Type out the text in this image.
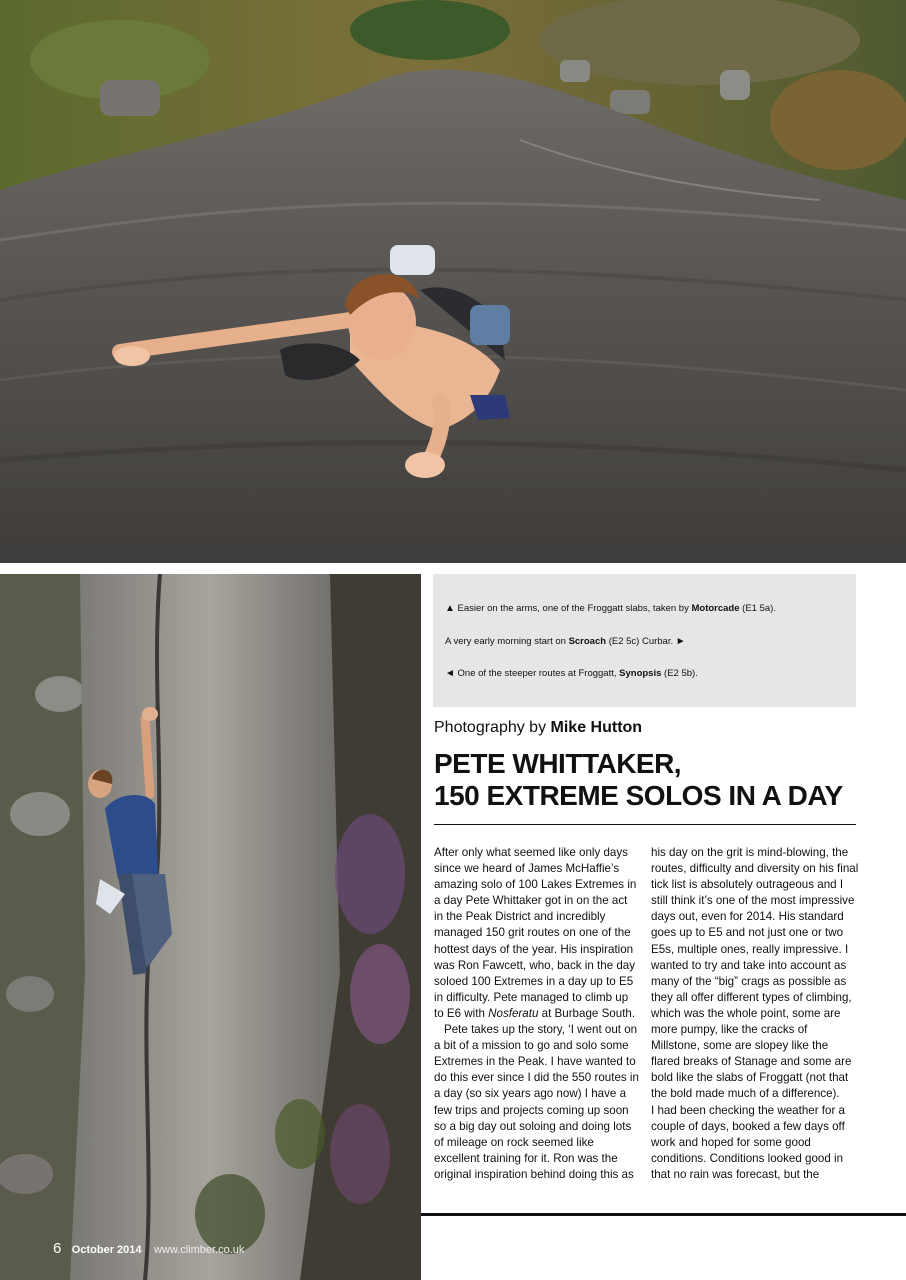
▲ Easier on the arms, one of the Froggatt slabs, taken by Motorcade (E1 5a).
A very early morning start on Scroach (E2 5c) Curbar. ►
◄ One of the steeper routes at Froggatt, Synopsis (E2 5b).
Photography by Mike Hutton
PETE WHITTAKER,
150 EXTREME SOLOS IN A DAY
After only what seemed like only days
since we heard of James McHaffie’s
amazing solo of 100 Lakes Extremes in
a day Pete Whittaker got in on the act
in the Peak District and incredibly
managed 150 grit routes on one of the
hottest days of the year. His inspiration
was Ron Fawcett, who, back in the day
soloed 100 Extremes in a day up to E5
in difficulty. Pete managed to climb up
to E6 with Nosferatu at Burbage South.
Pete takes up the story, ‘I went out on
a bit of a mission to go and solo some
Extremes in the Peak. I have wanted to
do this ever since I did the 550 routes in
a day (so six years ago now) I have a
few trips and projects coming up soon
so a big day out soloing and doing lots
of mileage on rock seemed like
excellent training for it. Ron was the
original inspiration behind doing this as
his day on the grit is mind-blowing, the
routes, difficulty and diversity on his final
tick list is absolutely outrageous and I
still think it’s one of the most impressive
days out, even for 2014. His standard
goes up to E5 and not just one or two
E5s, multiple ones, really impressive. I
wanted to try and take into account as
many of the “big” crags as possible as
they all offer different types of climbing,
which was the whole point, some are
more pumpy, like the cracks of
Millstone, some are slopey like the
flared breaks of Stanage and some are
bold like the slabs of Froggatt (not that
the bold made much of a difference).
I had been checking the weather for a
couple of days, booked a few days off
work and hoped for some good
conditions. Conditions looked good in
that no rain was forecast, but the
6 October 2014 www.climber.co.uk
